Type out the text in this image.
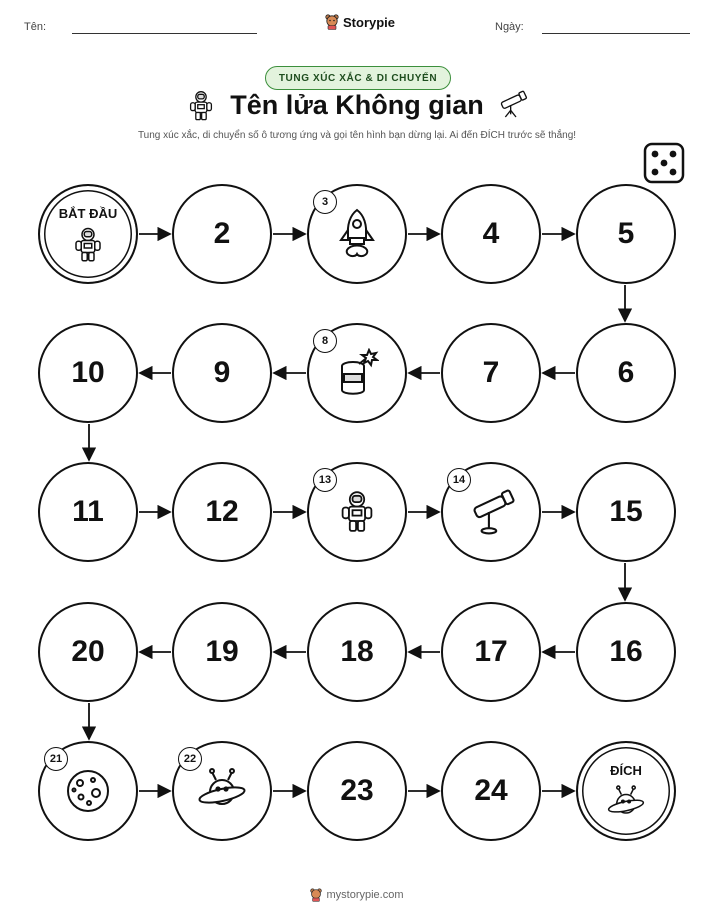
Tên:	Storypie	Ngày:
TUNG XÚC XẮC & DI CHUYỂN
Tên lửa Không gian
Tung xúc xắc, di chuyển số ô tương ứng và gọi tên hình bạn dừng lại. Ai đến ĐÍCH trước sẽ thắng!
BẮT ĐẦU
2
3
4	5
6
7
8
9
10
11	12
13	14
15
16
17
18
19
20
21	22
23	24
ĐÍCH
mystorypie.com
